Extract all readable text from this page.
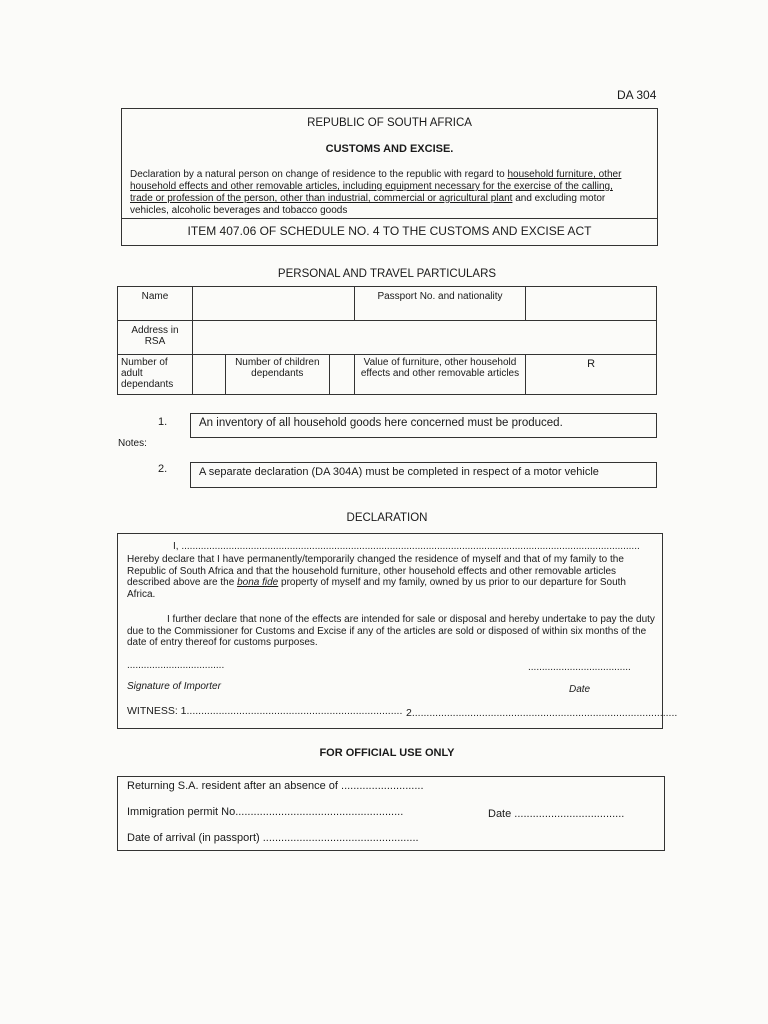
DA 304
REPUBLIC OF SOUTH AFRICA
CUSTOMS AND EXCISE.
Declaration by a natural person on change of residence to the republic with regard to household furniture, other household effects and other removable articles, including equipment necessary for the exercise of the calling, trade or profession of the person, other than industrial, commercial or agricultural plant and excluding motor vehicles, alcoholic beverages and tobacco goods
ITEM 407.06 OF SCHEDULE NO. 4 TO THE CUSTOMS AND EXCISE ACT
PERSONAL AND TRAVEL PARTICULARS
Name				Passport No. and nationality	
Address in RSA					
Number of adult dependants		Number of children dependants		Value of furniture, other household effects and other removable articles	R
1.	An inventory of all household goods here concerned must be produced.
Notes:
2.	A separate declaration (DA 304A) must be completed in respect of a motor vehicle
DECLARATION
I, .....................................................................................................................................................................

Hereby declare that I have permanently/temporarily changed the residence of myself and that of my family to the Republic of South Africa and that the household furniture, other household effects and other removable articles described above are the bona fide property of myself and my family, owned by us prior to our departure for South Africa.

I further declare that none of the effects are intended for sale or disposal and hereby undertake to pay the duty due to the Commissioner for Customs and Excise if any of the articles are sold or disposed of within six months of the date of entry thereof for customs purposes.

...................................	.....................................
Signature of Importer	Date
WITNESS: 1.......................................................................... 2...........................................................................................
FOR OFFICIAL USE ONLY
Returning S.A. resident after an absence of ...........................
Immigration permit No.......................................................	Date ....................................
Date of arrival (in passport) ...................................................
